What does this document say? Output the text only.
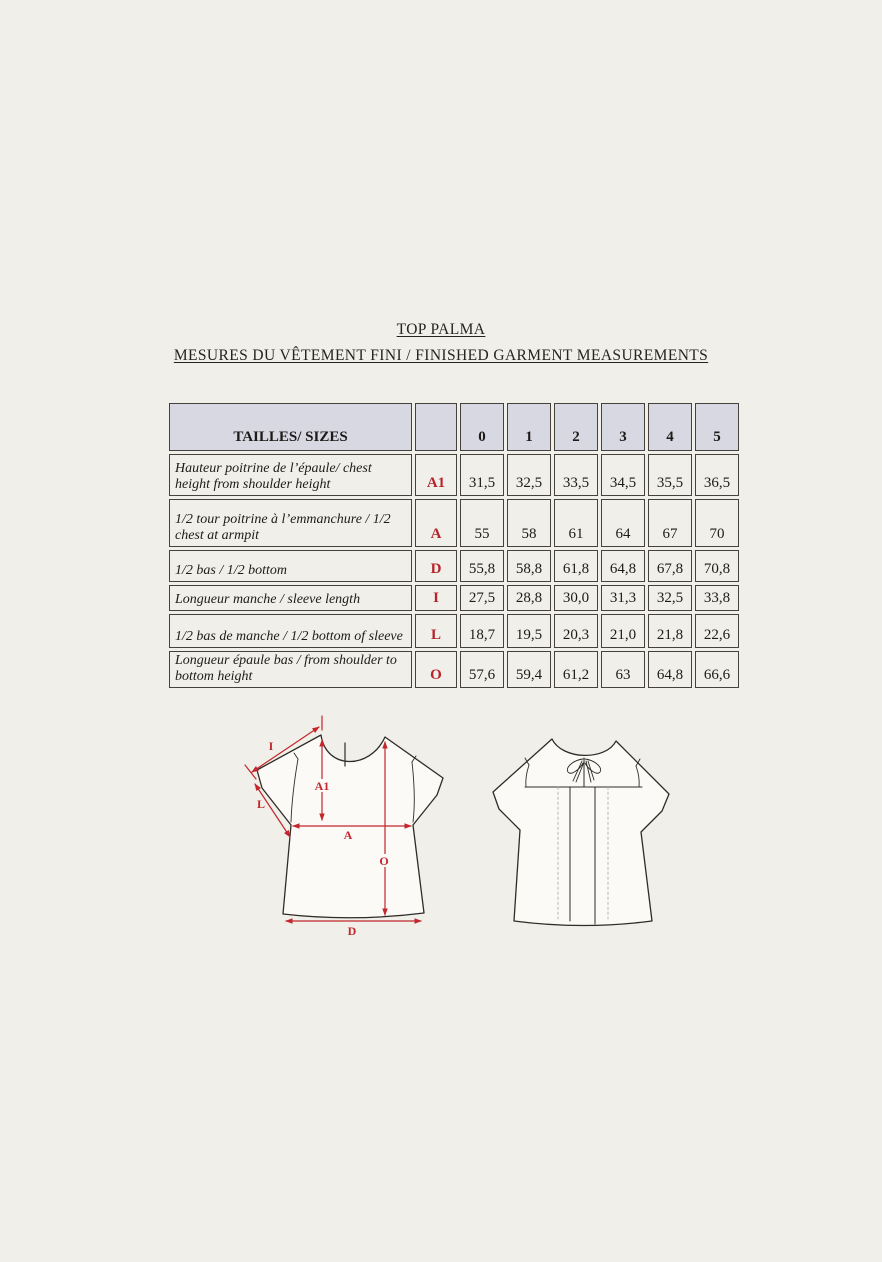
TOP PALMA
MESURES DU VÊTEMENT FINI / FINISHED GARMENT MEASUREMENTS
TAILLES/ SIZES		0	1	2	3	4	5
Hauteur poitrine de l’épaule/ chest height from shoulder height	A1	31,5	32,5	33,5	34,5	35,5	36,5
1/2 tour poitrine à l’emmanchure / 1/2 chest at armpit	A	55	58	61	64	67	70
1/2 bas / 1/2 bottom	D	55,8	58,8	61,8	64,8	67,8	70,8
Longueur manche / sleeve length	I	27,5	28,8	30,0	31,3	32,5	33,8
1/2 bas de manche / 1/2 bottom of sleeve	L	18,7	19,5	20,3	21,0	21,8	22,6
Longueur épaule bas / from shoulder to bottom height	O	57,6	59,4	61,2	63	64,8	66,6
I
L
A1
A
O
D
